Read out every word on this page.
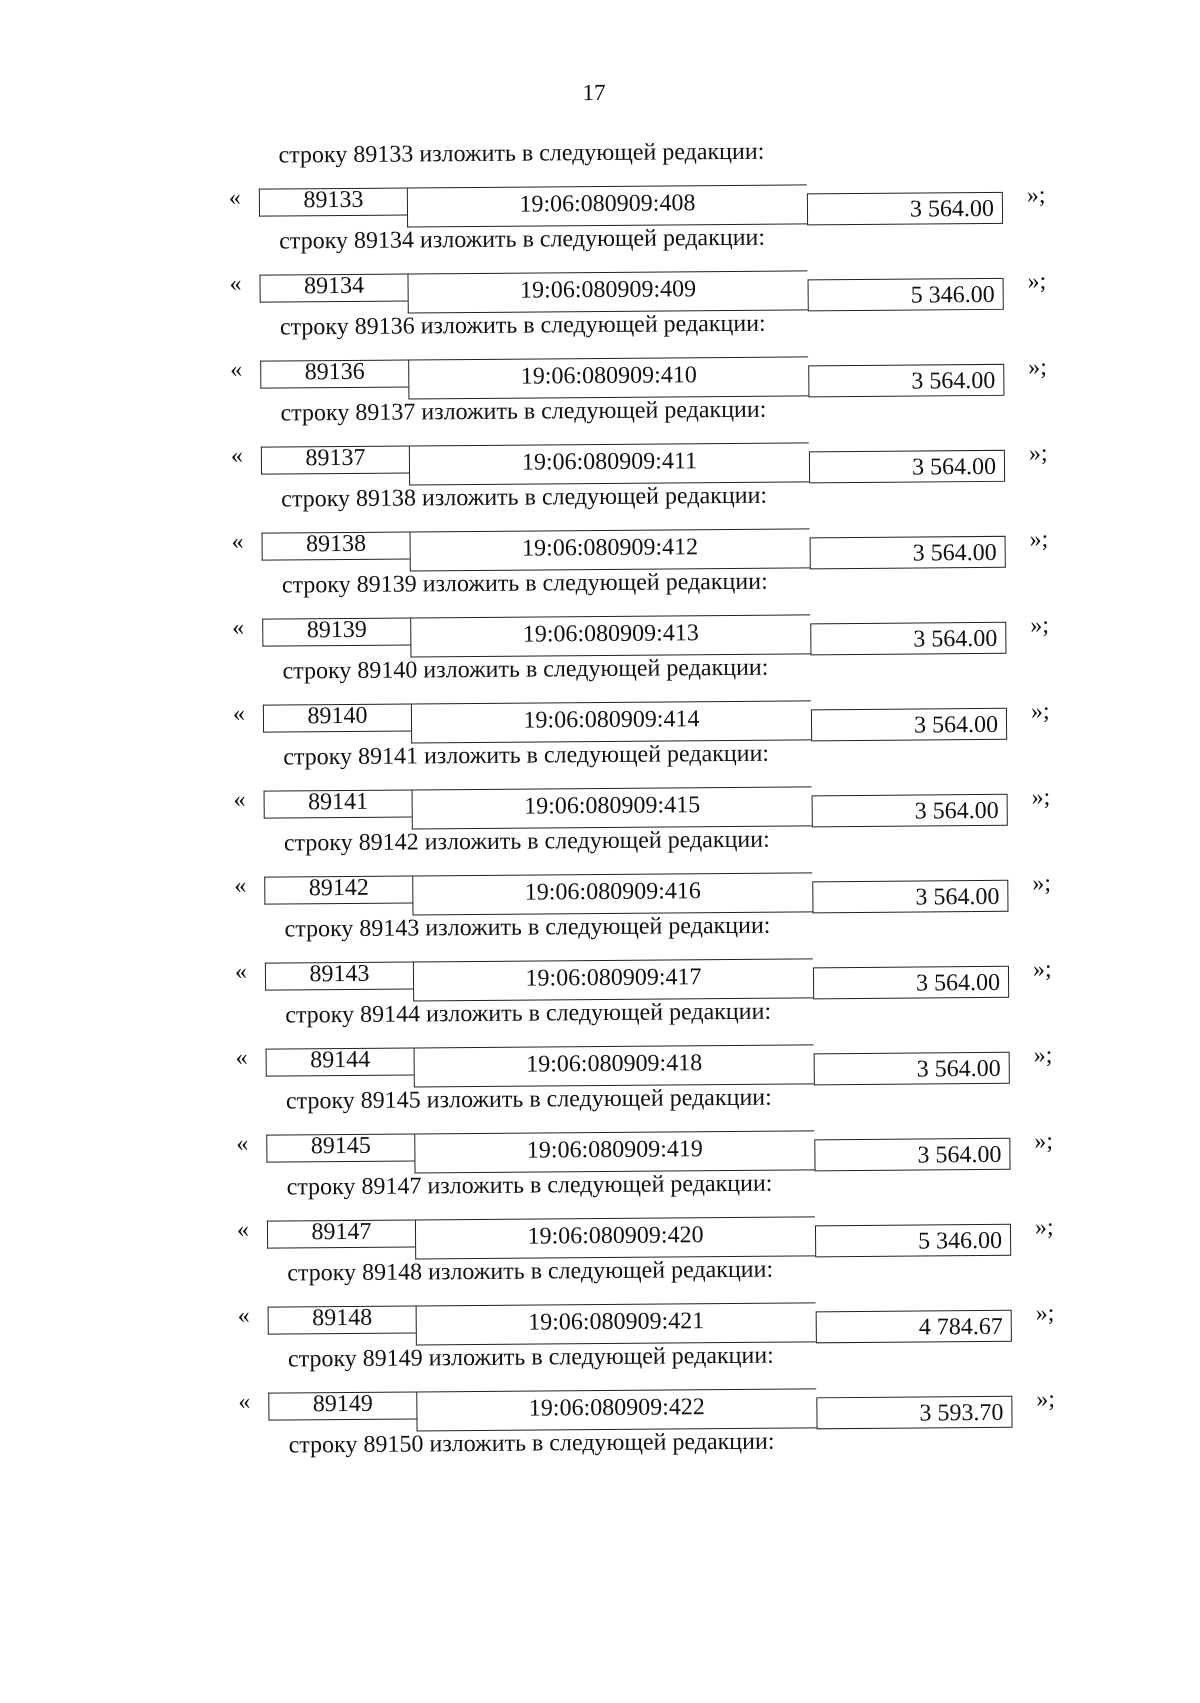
17
строку 89133 изложить в следующей редакции:
«	89133	19:06:080909:408	3 564.00
»;
строку 89134 изложить в следующей редакции:
«	89134	19:06:080909:409	5 346.00
»;
строку 89136 изложить в следующей редакции:
«	89136	19:06:080909:410	3 564.00
»;
строку 89137 изложить в следующей редакции:
«	89137	19:06:080909:411	3 564.00
»;
строку 89138 изложить в следующей редакции:
«	89138	19:06:080909:412	3 564.00
»;
строку 89139 изложить в следующей редакции:
«	89139	19:06:080909:413	3 564.00
»;
строку 89140 изложить в следующей редакции:
«	89140	19:06:080909:414	3 564.00
»;
строку 89141 изложить в следующей редакции:
«	89141	19:06:080909:415	3 564.00
»;
строку 89142 изложить в следующей редакции:
«	89142	19:06:080909:416	3 564.00
»;
строку 89143 изложить в следующей редакции:
«	89143	19:06:080909:417	3 564.00
»;
строку 89144 изложить в следующей редакции:
«	89144	19:06:080909:418	3 564.00
»;
строку 89145 изложить в следующей редакции:
«	89145	19:06:080909:419	3 564.00
»;
строку 89147 изложить в следующей редакции:
«	89147	19:06:080909:420	5 346.00
»;
строку 89148 изложить в следующей редакции:
«	89148	19:06:080909:421	4 784.67
»;
строку 89149 изложить в следующей редакции:
«	89149	19:06:080909:422	3 593.70
»;
строку 89150 изложить в следующей редакции:
